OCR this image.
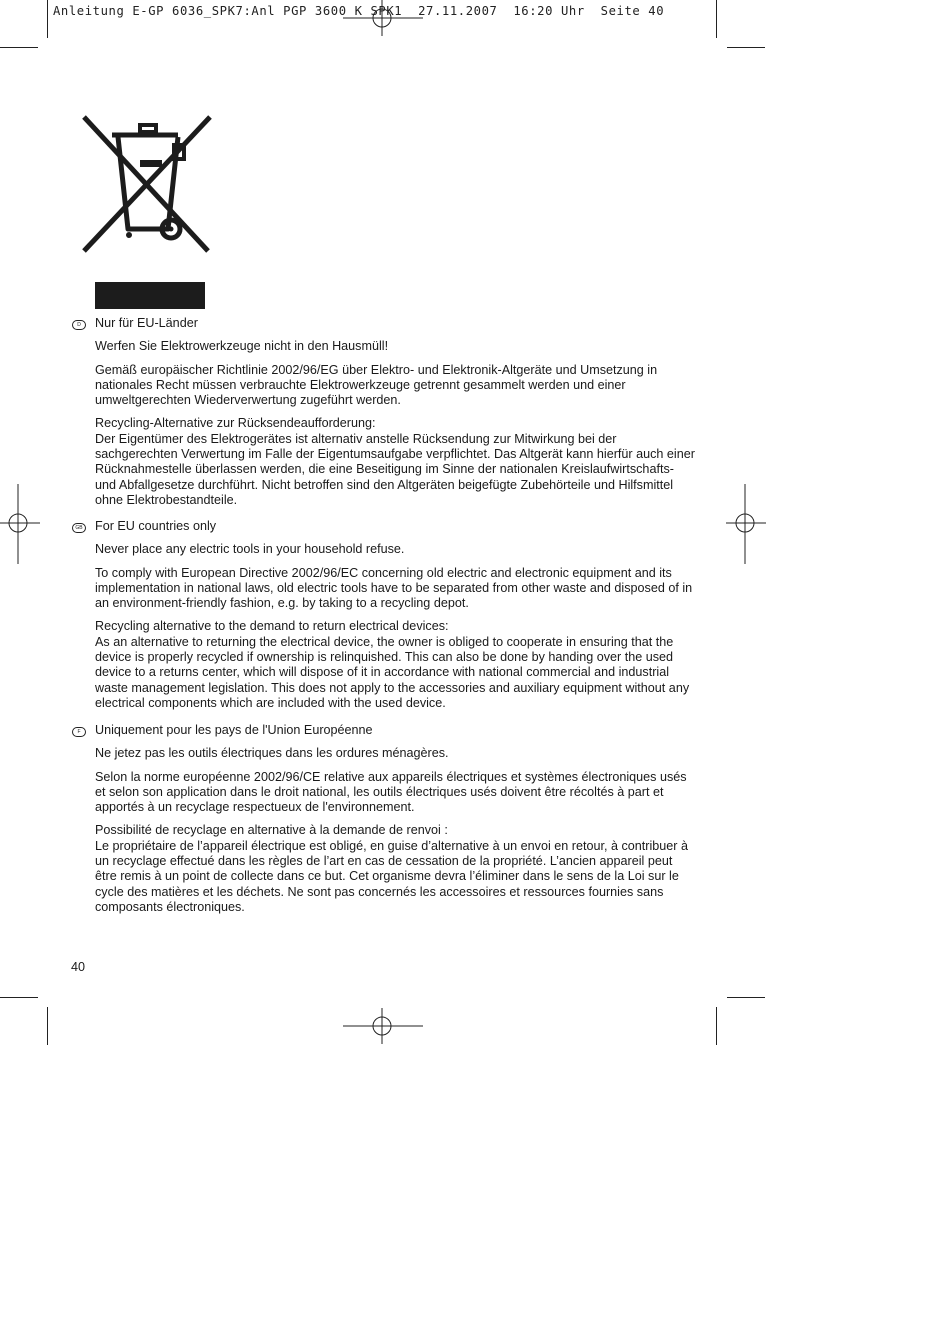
Anleitung E-GP 6036_SPK7:Anl PGP 3600 K SPK1  27.11.2007  16:20 Uhr  Seite 40
D	Nur für EU-Länder

Werfen Sie Elektrowerkzeuge nicht in den Hausmüll!

Gemäß europäischer Richtlinie 2002/96/EG über Elektro- und Elektronik-Altgeräte und Umsetzung in nationales Recht müssen verbrauchte Elektrowerkzeuge getrennt gesammelt werden und einer umweltgerechten Wiederverwertung zugeführt werden.

Recycling-Alternative zur Rücksendeaufforderung:
Der Eigentümer des Elektrogerätes ist alternativ anstelle Rücksendung zur Mitwirkung bei der sachgerechten Verwertung im Falle der Eigentumsaufgabe verpflichtet. Das Altgerät kann hierfür auch einer Rücknahmestelle überlassen werden, die eine Beseitigung im Sinne der nationalen Kreislaufwirtschafts- und Abfallgesetze durchführt. Nicht betroffen sind den Altgeräten beigefügte Zubehörteile und Hilfsmittel ohne Elektrobestandteile.

GB For EU countries only

Never place any electric tools in your household refuse.

To comply with European Directive 2002/96/EC concerning old electric and electronic equipment and its implementation in national laws, old electric tools have to be separated from other waste and disposed of in an environment-friendly fashion, e.g. by taking to a recycling depot.

Recycling alternative to the demand to return electrical devices:
As an alternative to returning the electrical device, the owner is obliged to cooperate in ensuring that the device is properly recycled if ownership is relinquished. This can also be done by handing over the used device to a returns center, which will dispose of it in accordance with national commercial and industrial waste management legislation. This does not apply to the accessories and auxiliary equipment without any electrical components which are included with the used device.

F	Uniquement pour les pays de l'Union Européenne

Ne jetez pas les outils électriques dans les ordures ménagères.

Selon la norme européenne 2002/96/CE relative aux appareils électriques et systèmes électroniques usés et selon son application dans le droit national, les outils électriques usés doivent être récoltés à part et apportés à un recyclage respectueux de l'environnement.

Possibilité de recyclage en alternative à la demande de renvoi :
Le propriétaire de l’appareil électrique est obligé, en guise d’alternative à un envoi en retour, à contribuer à un recyclage effectué dans les règles de l’art en cas de cessation de la propriété. L’ancien appareil peut être remis à un point de collecte dans ce but. Cet organisme devra l’éliminer dans le sens de la Loi sur le cycle des matières et les déchets. Ne sont pas concernés les accessoires et ressources fournies sans composants électroniques.

40
